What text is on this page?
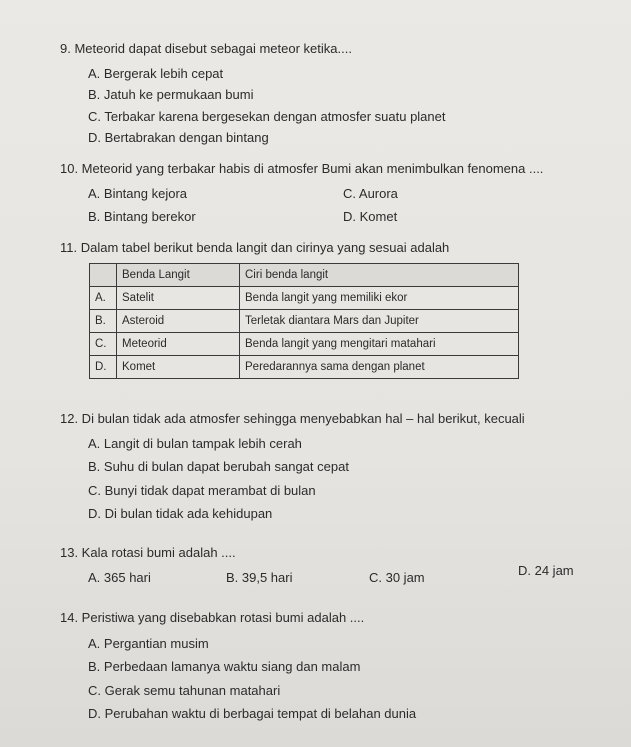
9. Meteorid dapat disebut sebagai meteor ketika....
A. Bergerak lebih cepat
B. Jatuh ke permukaan bumi
C. Terbakar karena bergesekan dengan atmosfer suatu planet
D. Bertabrakan dengan bintang
10. Meteorid yang terbakar habis di atmosfer Bumi akan menimbulkan fenomena ....
A. Bintang kejora
B. Bintang berekor
C. Aurora
D. Komet
11. Dalam tabel berikut benda langit dan cirinya yang sesuai adalah
	Benda Langit	Ciri benda langit
A.	Satelit	Benda langit yang memiliki ekor
B.	Asteroid	Terletak diantara Mars dan Jupiter
C.	Meteorid	Benda langit yang mengitari matahari
D.	Komet	Peredarannya sama dengan planet
12. Di bulan tidak ada atmosfer sehingga menyebabkan hal – hal berikut, kecuali
A. Langit di bulan tampak lebih cerah
B. Suhu di bulan dapat berubah sangat cepat
C. Bunyi tidak dapat merambat di bulan
D. Di bulan tidak ada kehidupan
13. Kala rotasi bumi adalah ....
A. 365 hari	B. 39,5 hari	C. 30 jam	D. 24 jam
14. Peristiwa yang disebabkan rotasi bumi adalah ....
A. Pergantian musim
B. Perbedaan lamanya waktu siang dan malam
C. Gerak semu tahunan matahari
D. Perubahan waktu di berbagai tempat di belahan dunia
